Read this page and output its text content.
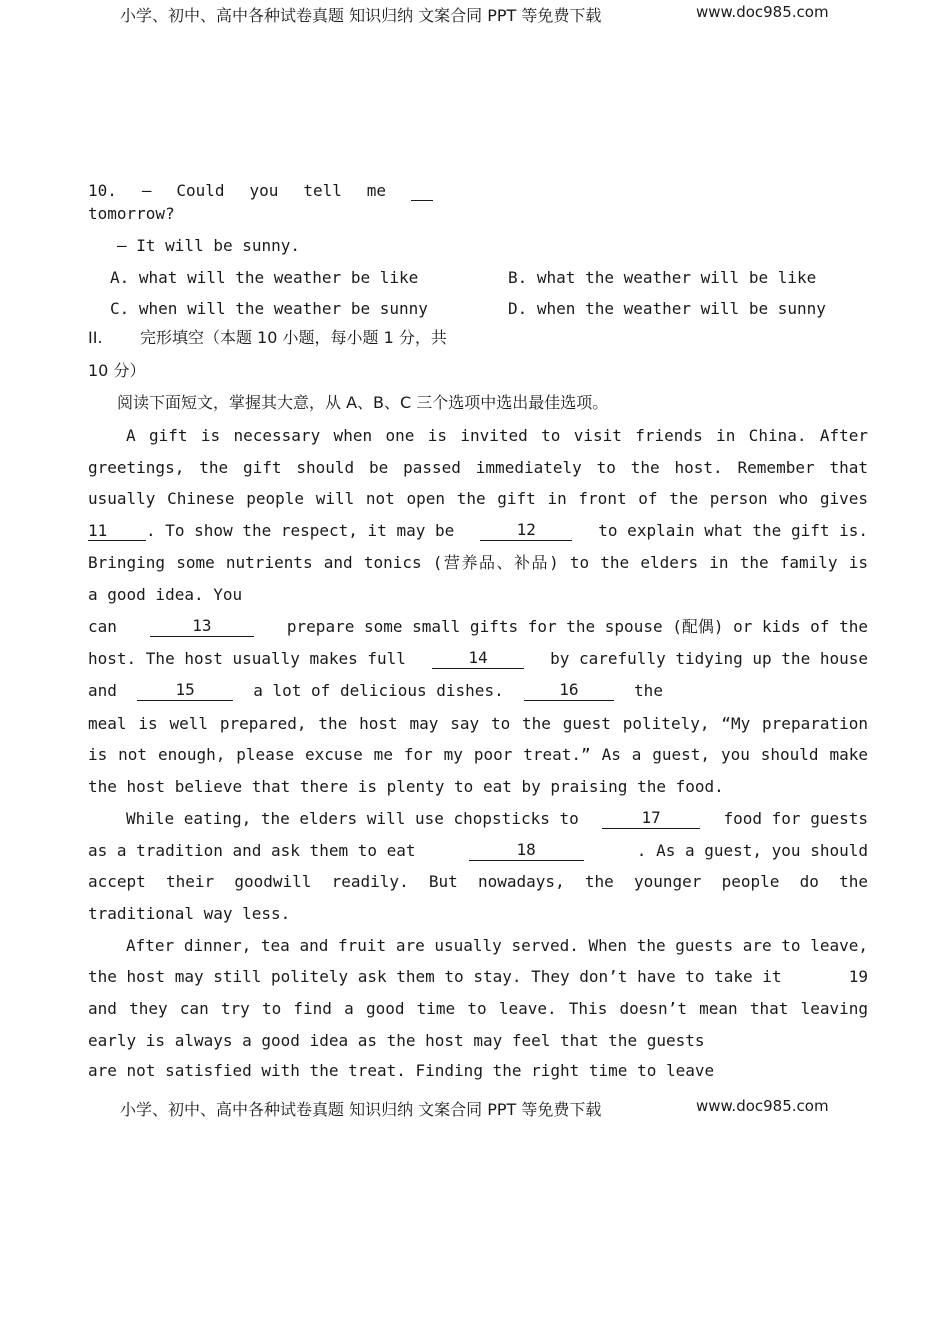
小学、初中、高中各种试卷真题 知识归纳 文案合同 PPT 等免费下载	www.doc985.com
10. — Could you tell me

tomorrow?
— It will be sunny.
A. what will the weather be like	B. what the weather will be like
C. when will the weather be sunny	D. when the weather will be sunny
II. 完形填空（本题 10 小题，每小题 1 分，共
10 分）
阅读下面短文，掌握其大意，从 A、B、C 三个选项中选出最佳选项。
A gift is necessary when one is invited to visit friends in China. After
greetings, the gift should be passed immediately to the host. Remember that
usually Chinese people will not open the gift in front of the person who gives
11 . To show the respect, it may be	12	to explain what the gift is.
Bringing some nutrients and tonics (营养品、补品) to the elders in the family is
a good idea. You
can	13	prepare some small gifts for the spouse (配偶) or kids of the
host. The host usually makes full	14	by carefully tidying up the house
and	15	a lot of delicious dishes.	16	the
meal is well prepared, the host may say to the guest politely, “My preparation
is not enough, please excuse me for my poor treat.” As a guest, you should make
the host believe that there is plenty to eat by praising the food.
While eating, the elders will use chopsticks to	17	food for guests
as a tradition and ask them to eat	18	. As a guest, you should
accept their goodwill readily. But nowadays, the younger people do the
traditional way less.
After dinner, tea and fruit are usually served. When the guests are to leave,
the host may still politely ask them to stay. They don’t have to take it	19
and they can try to find a good time to leave. This doesn’t mean that leaving
early is always a good idea as the host may feel that the guests
are not satisfied with the treat. Finding the right time to leave
小学、初中、高中各种试卷真题 知识归纳 文案合同 PPT 等免费下载	www.doc985.com
